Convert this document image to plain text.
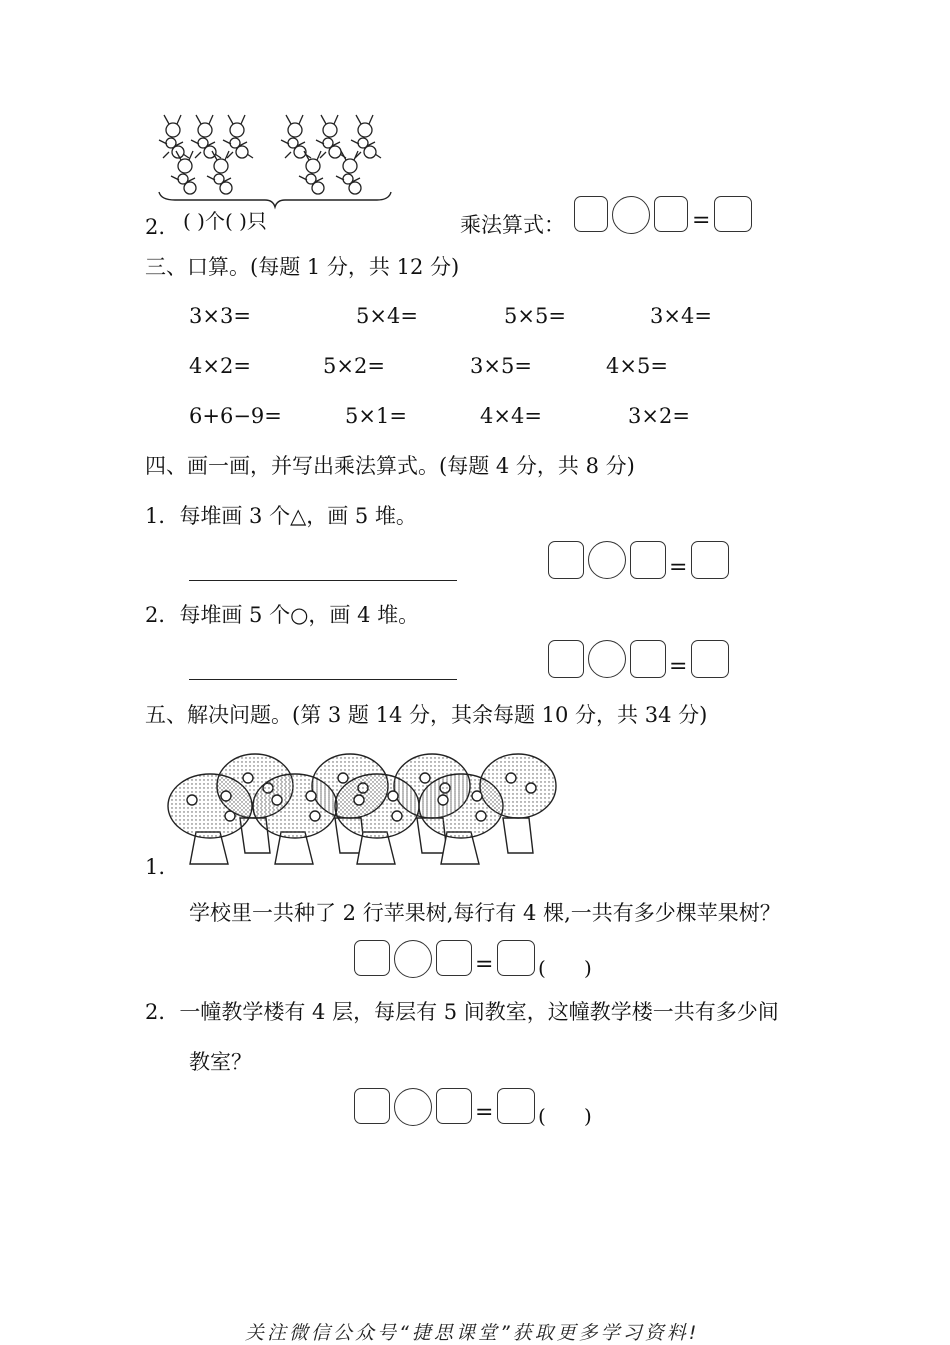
2. ( )个( )只	乘法算式：	=
三、口算。(每题 1 分，共 12 分)
3×3=	5×4=	5×5=	3×4=
4×2=	5×2=	3×5=	4×5=
6+6−9=	5×1=	4×4=	3×2=
四、画一画，并写出乘法算式。(每题 4 分，共 8 分)
1．每堆画 3 个△，画 5 堆。
=
2．每堆画 5 个○，画 4 堆。
=
五、解决问题。(第 3 题 14 分，其余每题 10 分，共 34 分)
1.
学校里一共种了 2 行苹果树,每行有 4 棵,一共有多少棵苹果树？
= (      )
2．一幢教学楼有 4 层，每层有 5 间教室，这幢教学楼一共有多少间
教室？
= (      )
关注微信公众号“捷思课堂”获取更多学习资料!
